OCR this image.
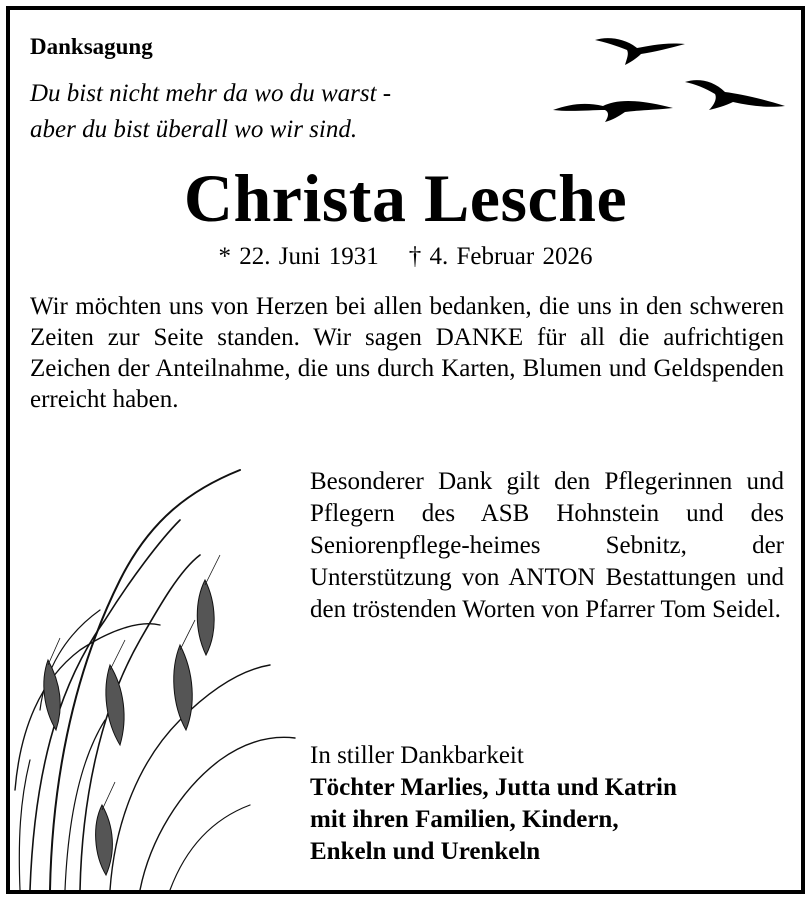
Danksagung
Du bist nicht mehr da wo du warst -
aber du bist überall wo wir sind.
Christa Lesche
* 22. Juni 1931 † 4. Februar 2026
Wir möchten uns von Herzen bei allen bedanken, die uns in den schweren Zeiten zur Seite standen. Wir sagen DANKE für all die aufrichtigen Zeichen der Anteilnahme, die uns durch Karten, Blumen und Geldspenden erreicht haben.
Besonderer Dank gilt den Pflegerinnen und Pflegern des ASB Hohnstein und des Seniorenpflege-heimes Sebnitz, der Unterstützung von ANTON Bestattungen und den tröstenden Worten von Pfarrer Tom Seidel.
In stiller Dankbarkeit
Töchter Marlies, Jutta und Katrin
mit ihren Familien, Kindern,
Enkeln und Urenkeln
